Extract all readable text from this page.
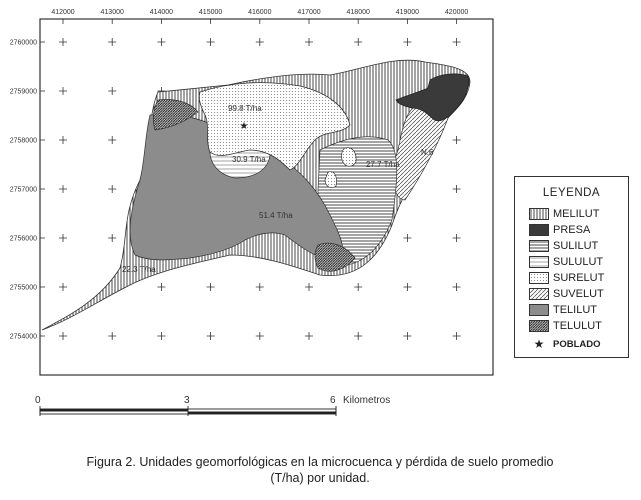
412000	413000	414000	415000	416000	417000	418000	419000	420000
2760000
2759000
2758000
2757000
2756000
2755000
2754000
★
99.8 T/ha
30.9 T/ha
27.7 T/ha
N.6
51.4 T/ha
22.3 T/ha
0	3	6 Kilometros
LEYENDA
MELILUT
PRESA
SULILUT
SULULUT
SURELUT
SUVELUT
TELILUT
TELULUT
★ POBLADO
Figura 2. Unidades geomorfológicas en la microcuenca y pérdida de suelo promedio
(T/ha) por unidad.
